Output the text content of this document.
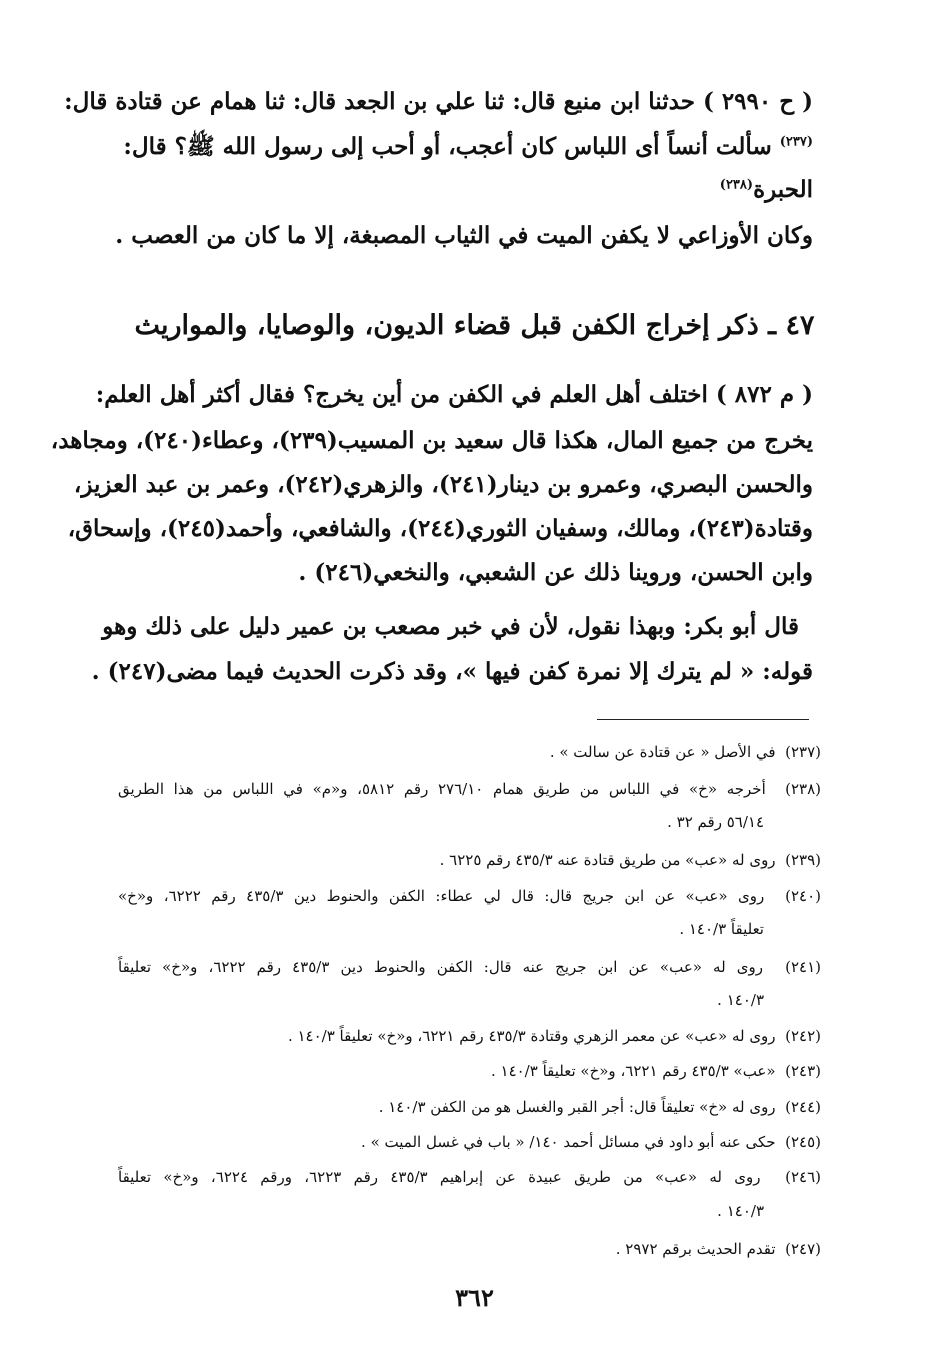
( ح ٢٩٩٠ ) حدثنا ابن منيع قال: ثنا علي بن الجعد قال: ثنا همام عن قتادة قال:
$^{(٢٣٧)}$ سألت أنساً أى اللباس كان أعجب، أو أحب إلى رسول الله ﷺ؟ قال:
الحبرة$^{(٢٣٨)}$
وكان الأوزاعي لا يكفن الميت في الثياب المصبغة، إلا ما كان من العصب .
٤٧ ـ ذكر إخراج الكفن قبل قضاء الديون، والوصايا، والمواريث
( م ٨٧٢ ) اختلف أهل العلم في الكفن من أين يخرج؟ فقال أكثر أهل العلم:
يخرج من جميع المال، هكذا قال سعيد بن المسيب(٢٣٩)، وعطاء(٢٤٠)، ومجاهد،
والحسن البصري، وعمرو بن دينار(٢٤١)، والزهري(٢٤٢)، وعمر بن عبد العزيز،
وقتادة(٢٤٣)، ومالك، وسفيان الثوري(٢٤٤)، والشافعي، وأحمد(٢٤٥)، وإسحاق،
وابن الحسن، وروينا ذلك عن الشعبي، والنخعي(٢٤٦) .
قال أبو بكر: وبهذا نقول، لأن في خبر مصعب بن عمير دليل على ذلك وهو
قوله: « لم يترك إلا نمرة كفن فيها »، وقد ذكرت الحديث فيما مضى(٢٤٧) .
(٢٣٧)  في الأصل « عن قتادة عن سالت » .
(٢٣٨)  أخرجه «خ» في اللباس من طريق همام ٢٧٦/١٠ رقم ٥٨١٢، و«م» في اللباس من هذا الطريق
٥٦/١٤ رقم ٣٢ .
(٢٣٩)  روى له «عب» من طريق قتادة عنه ٤٣٥/٣ رقم ٦٢٢٥ .
(٢٤٠)  روى «عب» عن ابن جريج قال: قال لي عطاء: الكفن والحنوط دين ٤٣٥/٣ رقم ٦٢٢٢، و«خ»
تعليقاً ١٤٠/٣ .
(٢٤١)  روى له «عب» عن ابن جريج عنه قال: الكفن والحنوط دين ٤٣٥/٣ رقم ٦٢٢٢، و«خ» تعليقاً
١٤٠/٣ .
(٢٤٢)  روى له «عب» عن معمر الزهري وقتادة ٤٣٥/٣ رقم ٦٢٢١، و«خ» تعليقاً ١٤٠/٣ .
(٢٤٣)  «عب» ٤٣٥/٣ رقم ٦٢٢١، و«خ» تعليقاً ١٤٠/٣ .
(٢٤٤)  روى له «خ» تعليقاً قال: أجر القبر والغسل هو من الكفن ١٤٠/٣ .
(٢٤٥)  حكى عنه أبو داود في مسائل أحمد ١٤٠/ « باب في غسل الميت » .
(٢٤٦)  روى له «عب» من طريق عبيدة عن إبراهيم ٤٣٥/٣ رقم ٦٢٢٣، ورقم ٦٢٢٤، و«خ» تعليقاً
١٤٠/٣ .
(٢٤٧)  تقدم الحديث برقم ٢٩٧٢ .
٣٦٢
